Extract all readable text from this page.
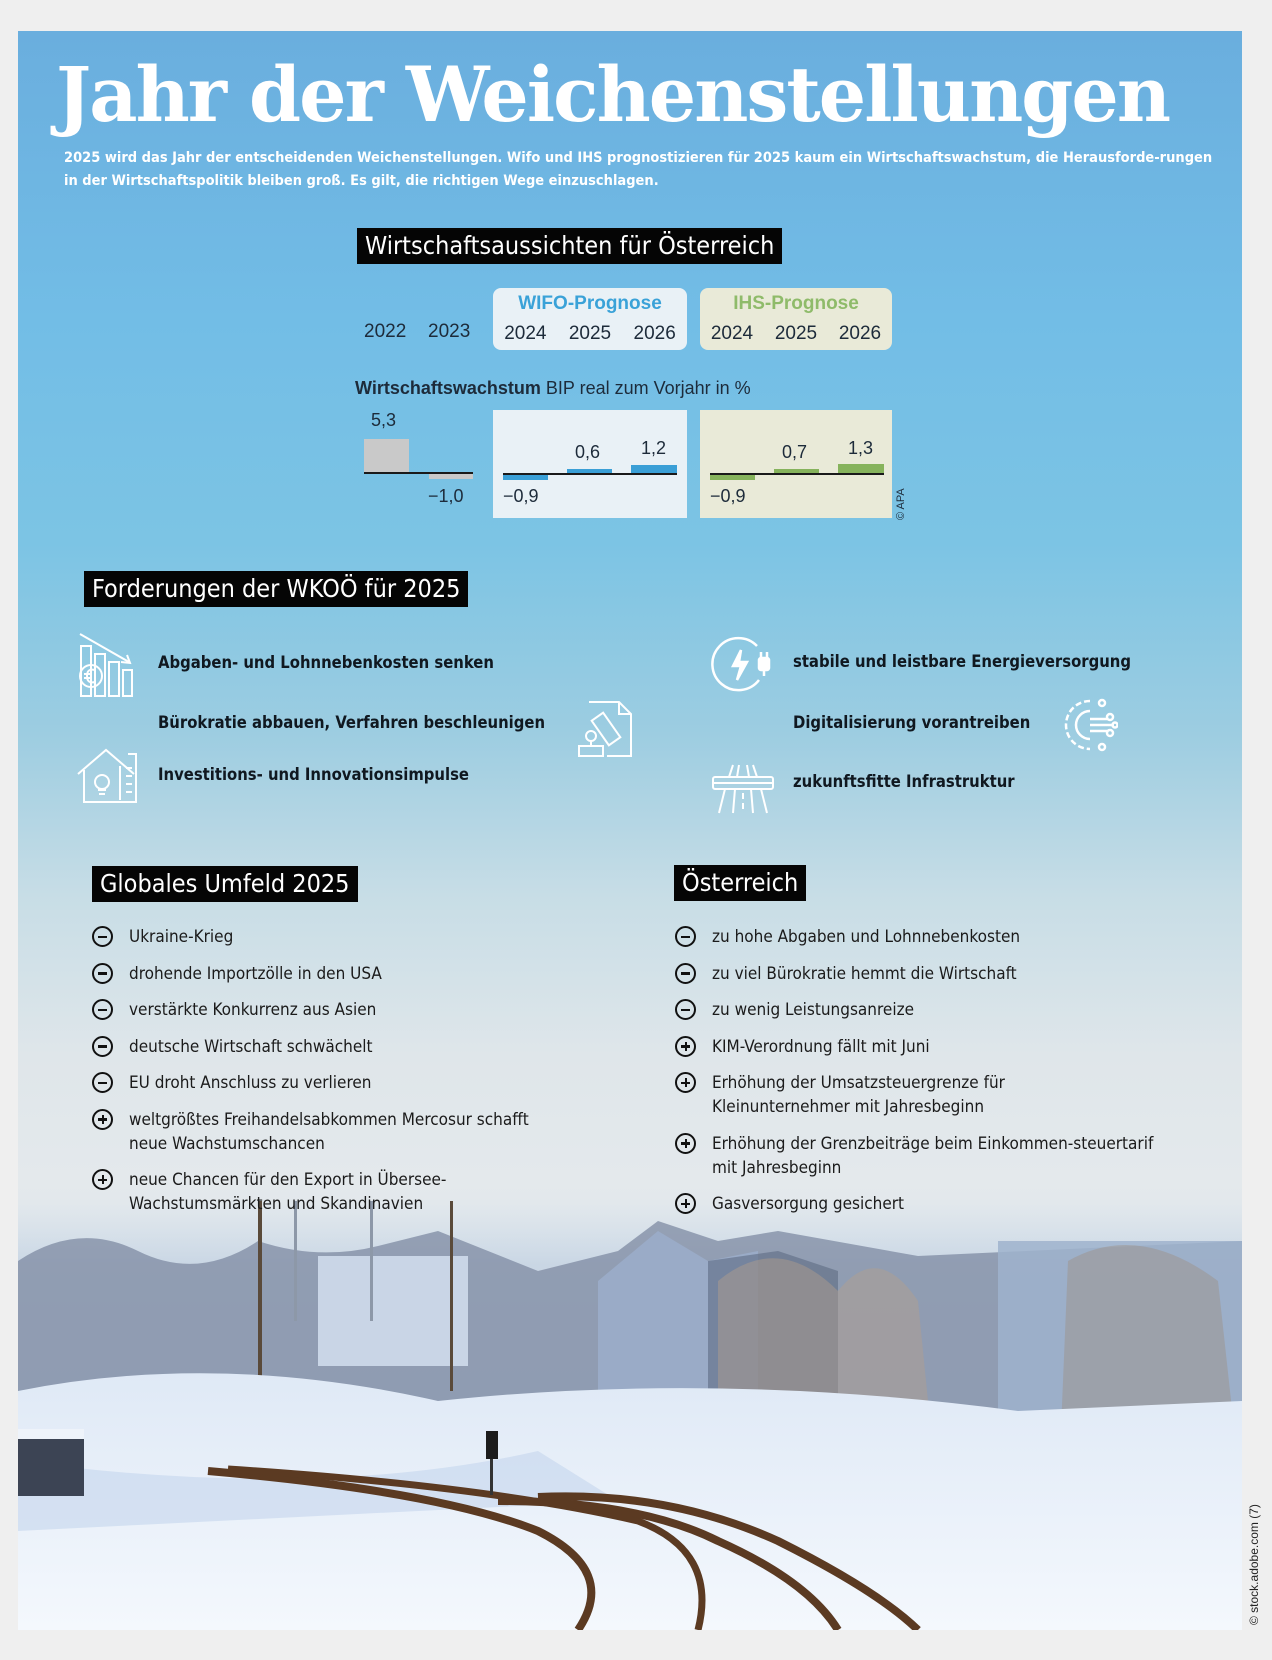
Jahr der Weichenstellungen

2025 wird das Jahr der entscheidenden Weichenstellungen. Wifo und IHS prognostizieren für 2025 kaum ein Wirtschaftswachstum, die Herausforde-rungen in der Wirtschaftspolitik bleiben groß. Es gilt, die richtigen Wege einzuschlagen.

Wirtschaftsaussichten für Österreich
2022 2023
WIFO-Prognose
2024 2025 2026
IHS-Prognose
2024 2025 2026
Wirtschaftswachstum BIP real zum Vorjahr in %
5,3
−1,0 −0,9
0,6 1,2
−0,9
0,7 1,3
© APA
Forderungen der WKOÖ für 2025
Abgaben- und Lohnnebenkosten senken
Bürokratie abbauen, Verfahren beschleunigen
Investitions- und Innovationsimpulse
stabile und leistbare Energieversorgung
Digitalisierung vorantreiben
zukunftsfitte Infrastruktur
Globales Umfeld 2025
Ukraine-Krieg
drohende Importzölle in den USA
verstärkte Konkurrenz aus Asien
deutsche Wirtschaft schwächelt
EU droht Anschluss zu verlieren
weltgrößtes Freihandelsabkommen Mercosur schafft neue Wachstumschancen
neue Chancen für den Export in Übersee-Wachstumsmärkten und Skandinavien
Österreich
zu hohe Abgaben und Lohnnebenkosten
zu viel Bürokratie hemmt die Wirtschaft
zu wenig Leistungsanreize
KIM-Verordnung fällt mit Juni
Erhöhung der Umsatzsteuergrenze für Kleinunternehmer mit Jahresbeginn
Erhöhung der Grenzbeiträge beim Einkommen-steuertarif mit Jahresbeginn
Gasversorgung gesichert
© stock.adobe.com (7)
